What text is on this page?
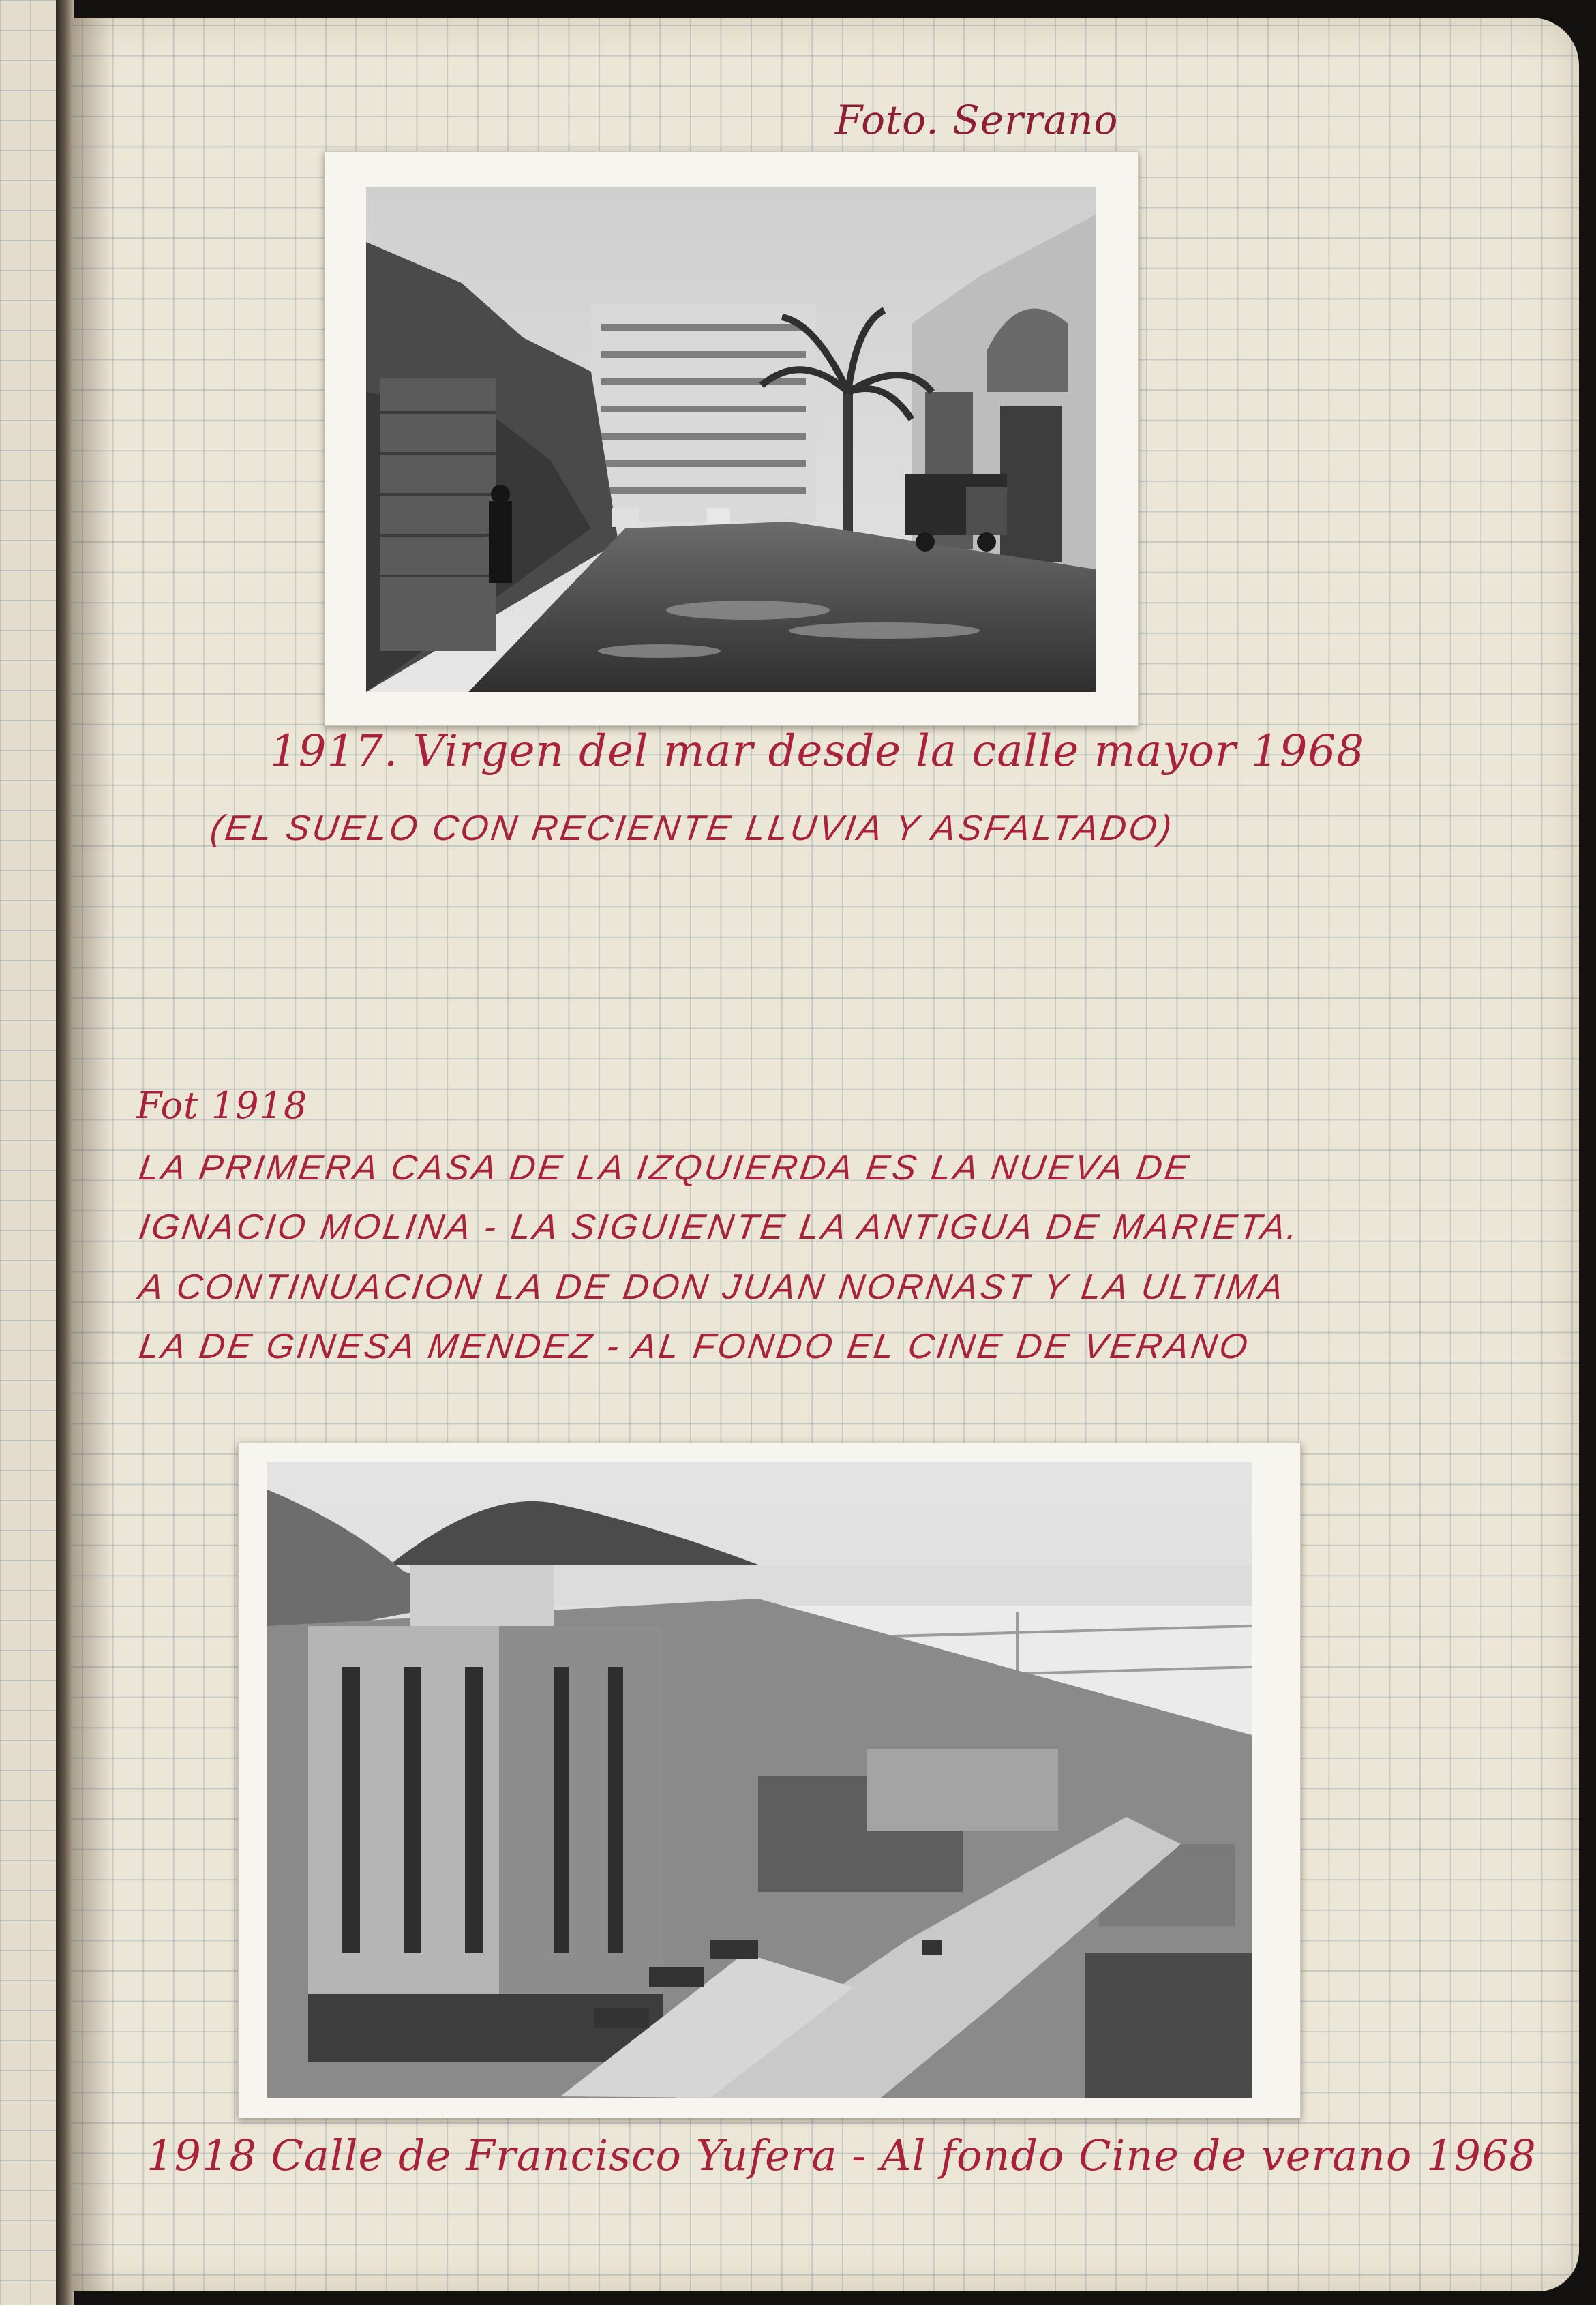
Foto. Serrano
1917. Virgen del mar desde la calle mayor 1968
(EL SUELO CON RECIENTE LLUVIA Y ASFALTADO)
Fot 1918
LA PRIMERA CASA DE LA IZQUIERDA ES LA NUEVA DE
IGNACIO MOLINA - LA SIGUIENTE LA ANTIGUA DE MARIETA.
A CONTINUACION LA DE DON JUAN NORNAST Y LA ULTIMA
LA DE GINESA MENDEZ - AL FONDO EL CINE DE VERANO
1918 Calle de Francisco Yufera - Al fondo Cine de verano 1968
